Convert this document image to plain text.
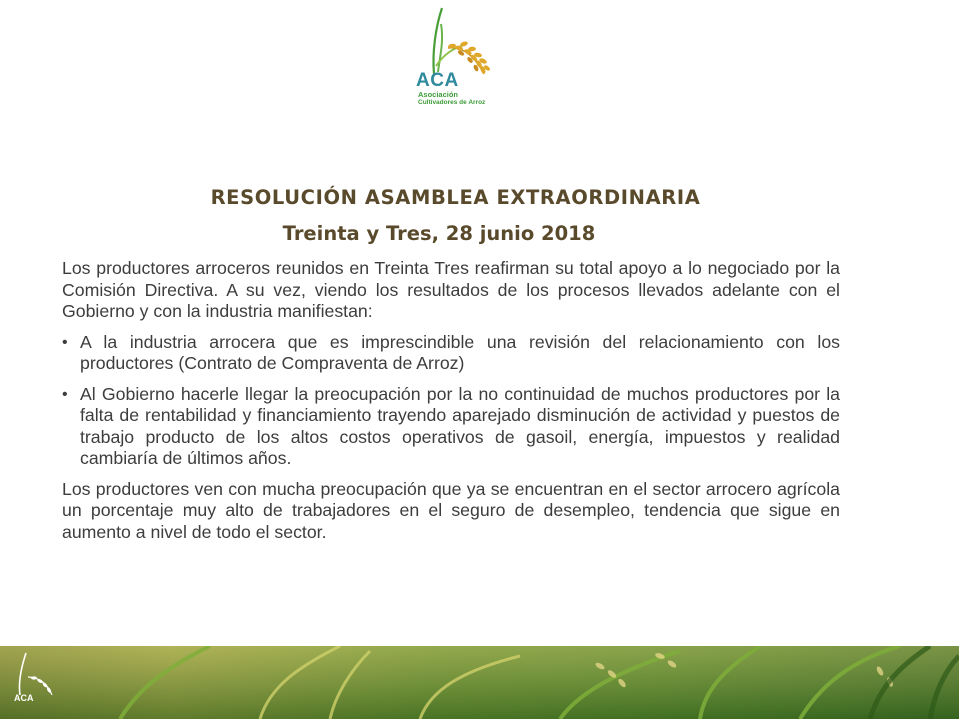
ACA
Asociación
Cultivadores de Arroz
RESOLUCIÓN ASAMBLEA EXTRAORDINARIA
Treinta y Tres, 28 junio 2018

Los productores arroceros reunidos en Treinta Tres reafirman su total apoyo a lo negociado por la Comisión Directiva. A su vez, viendo los resultados de los procesos llevados adelante con el Gobierno y con la industria manifiestan:

• A la industria arrocera que es imprescindible una revisión del relacionamiento con los productores (Contrato de Compraventa de Arroz)
• Al Gobierno hacerle llegar la preocupación por la no continuidad de muchos productores por la falta de rentabilidad y financiamiento trayendo aparejado disminución de actividad y puestos de trabajo producto de los altos costos operativos de gasoil, energía, impuestos y realidad cambiaría de últimos años.

Los productores ven con mucha preocupación que ya se encuentran en el sector arrocero agrícola un porcentaje muy alto de trabajadores en el seguro de desempleo, tendencia que sigue en aumento a nivel de todo el sector.

ACA
